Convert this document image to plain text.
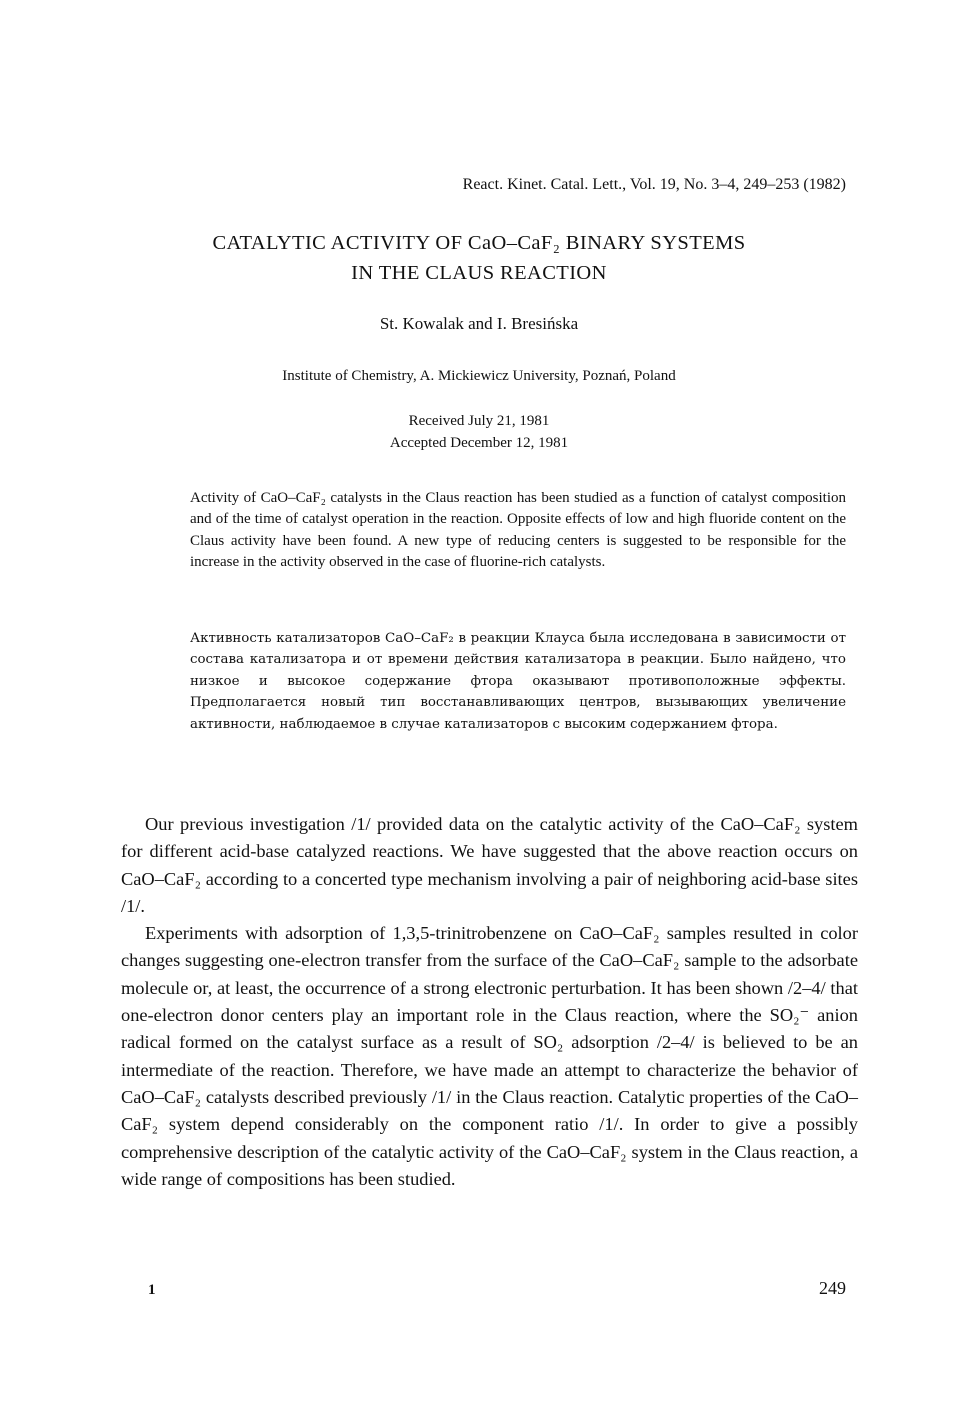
React. Kinet. Catal. Lett., Vol. 19, No. 3–4, 249–253 (1982)
CATALYTIC ACTIVITY OF CaO–CaF₂ BINARY SYSTEMS
IN THE CLAUS REACTION
St. Kowalak and I. Bresińska
Institute of Chemistry, A. Mickiewicz University, Poznań, Poland
Received July 21, 1981
Accepted December 12, 1981

Activity of CaO–CaF₂ catalysts in the Claus reaction has been studied as a function of catalyst composition and of the time of catalyst operation in the reaction. Opposite effects of low and high fluoride content on the Claus activity have been found. A new type of reducing centers is suggested to be responsible for the increase in the activity observed in the case of fluorine-rich catalysts.

Активность катализаторов CaO–CaF₂ в реакции Клауса была исследована в зависимости от состава катализатора и от времени действия катализатора в реакции. Было найдено, что низкое и высокое содержание фтора оказывают противоположные эффекты. Предполагается новый тип восстанавливающих центров, вызывающих увеличение активности, наблюдаемое в случае катализаторов с высоким содержанием фтора.

Our previous investigation /1/ provided data on the catalytic activity of the CaO–CaF₂ system for different acid-base catalyzed reactions. We have suggested that the above reaction occurs on CaO–CaF₂ according to a concerted type mechanism involving a pair of neighboring acid-base sites /1/.

Experiments with adsorption of 1,3,5-trinitrobenzene on CaO–CaF₂ samples resulted in color changes suggesting one-electron transfer from the surface of the CaO–CaF₂ sample to the adsorbate molecule or, at least, the occurrence of a strong electronic perturbation. It has been shown /2–4/ that one-electron donor centers play an important role in the Claus reaction, where the SO₂⁻ anion radical formed on the catalyst surface as a result of SO₂ adsorption /2–4/ is believed to be an intermediate of the reaction. Therefore, we have made an attempt to characterize the behavior of CaO–CaF₂ catalysts described previously /1/ in the Claus reaction. Catalytic properties of the CaO–CaF₂ system depend considerably on the component ratio /1/. In order to give a possibly comprehensive description of the catalytic activity of the CaO–CaF₂ system in the Claus reaction, a wide range of compositions has been studied.

1	249
